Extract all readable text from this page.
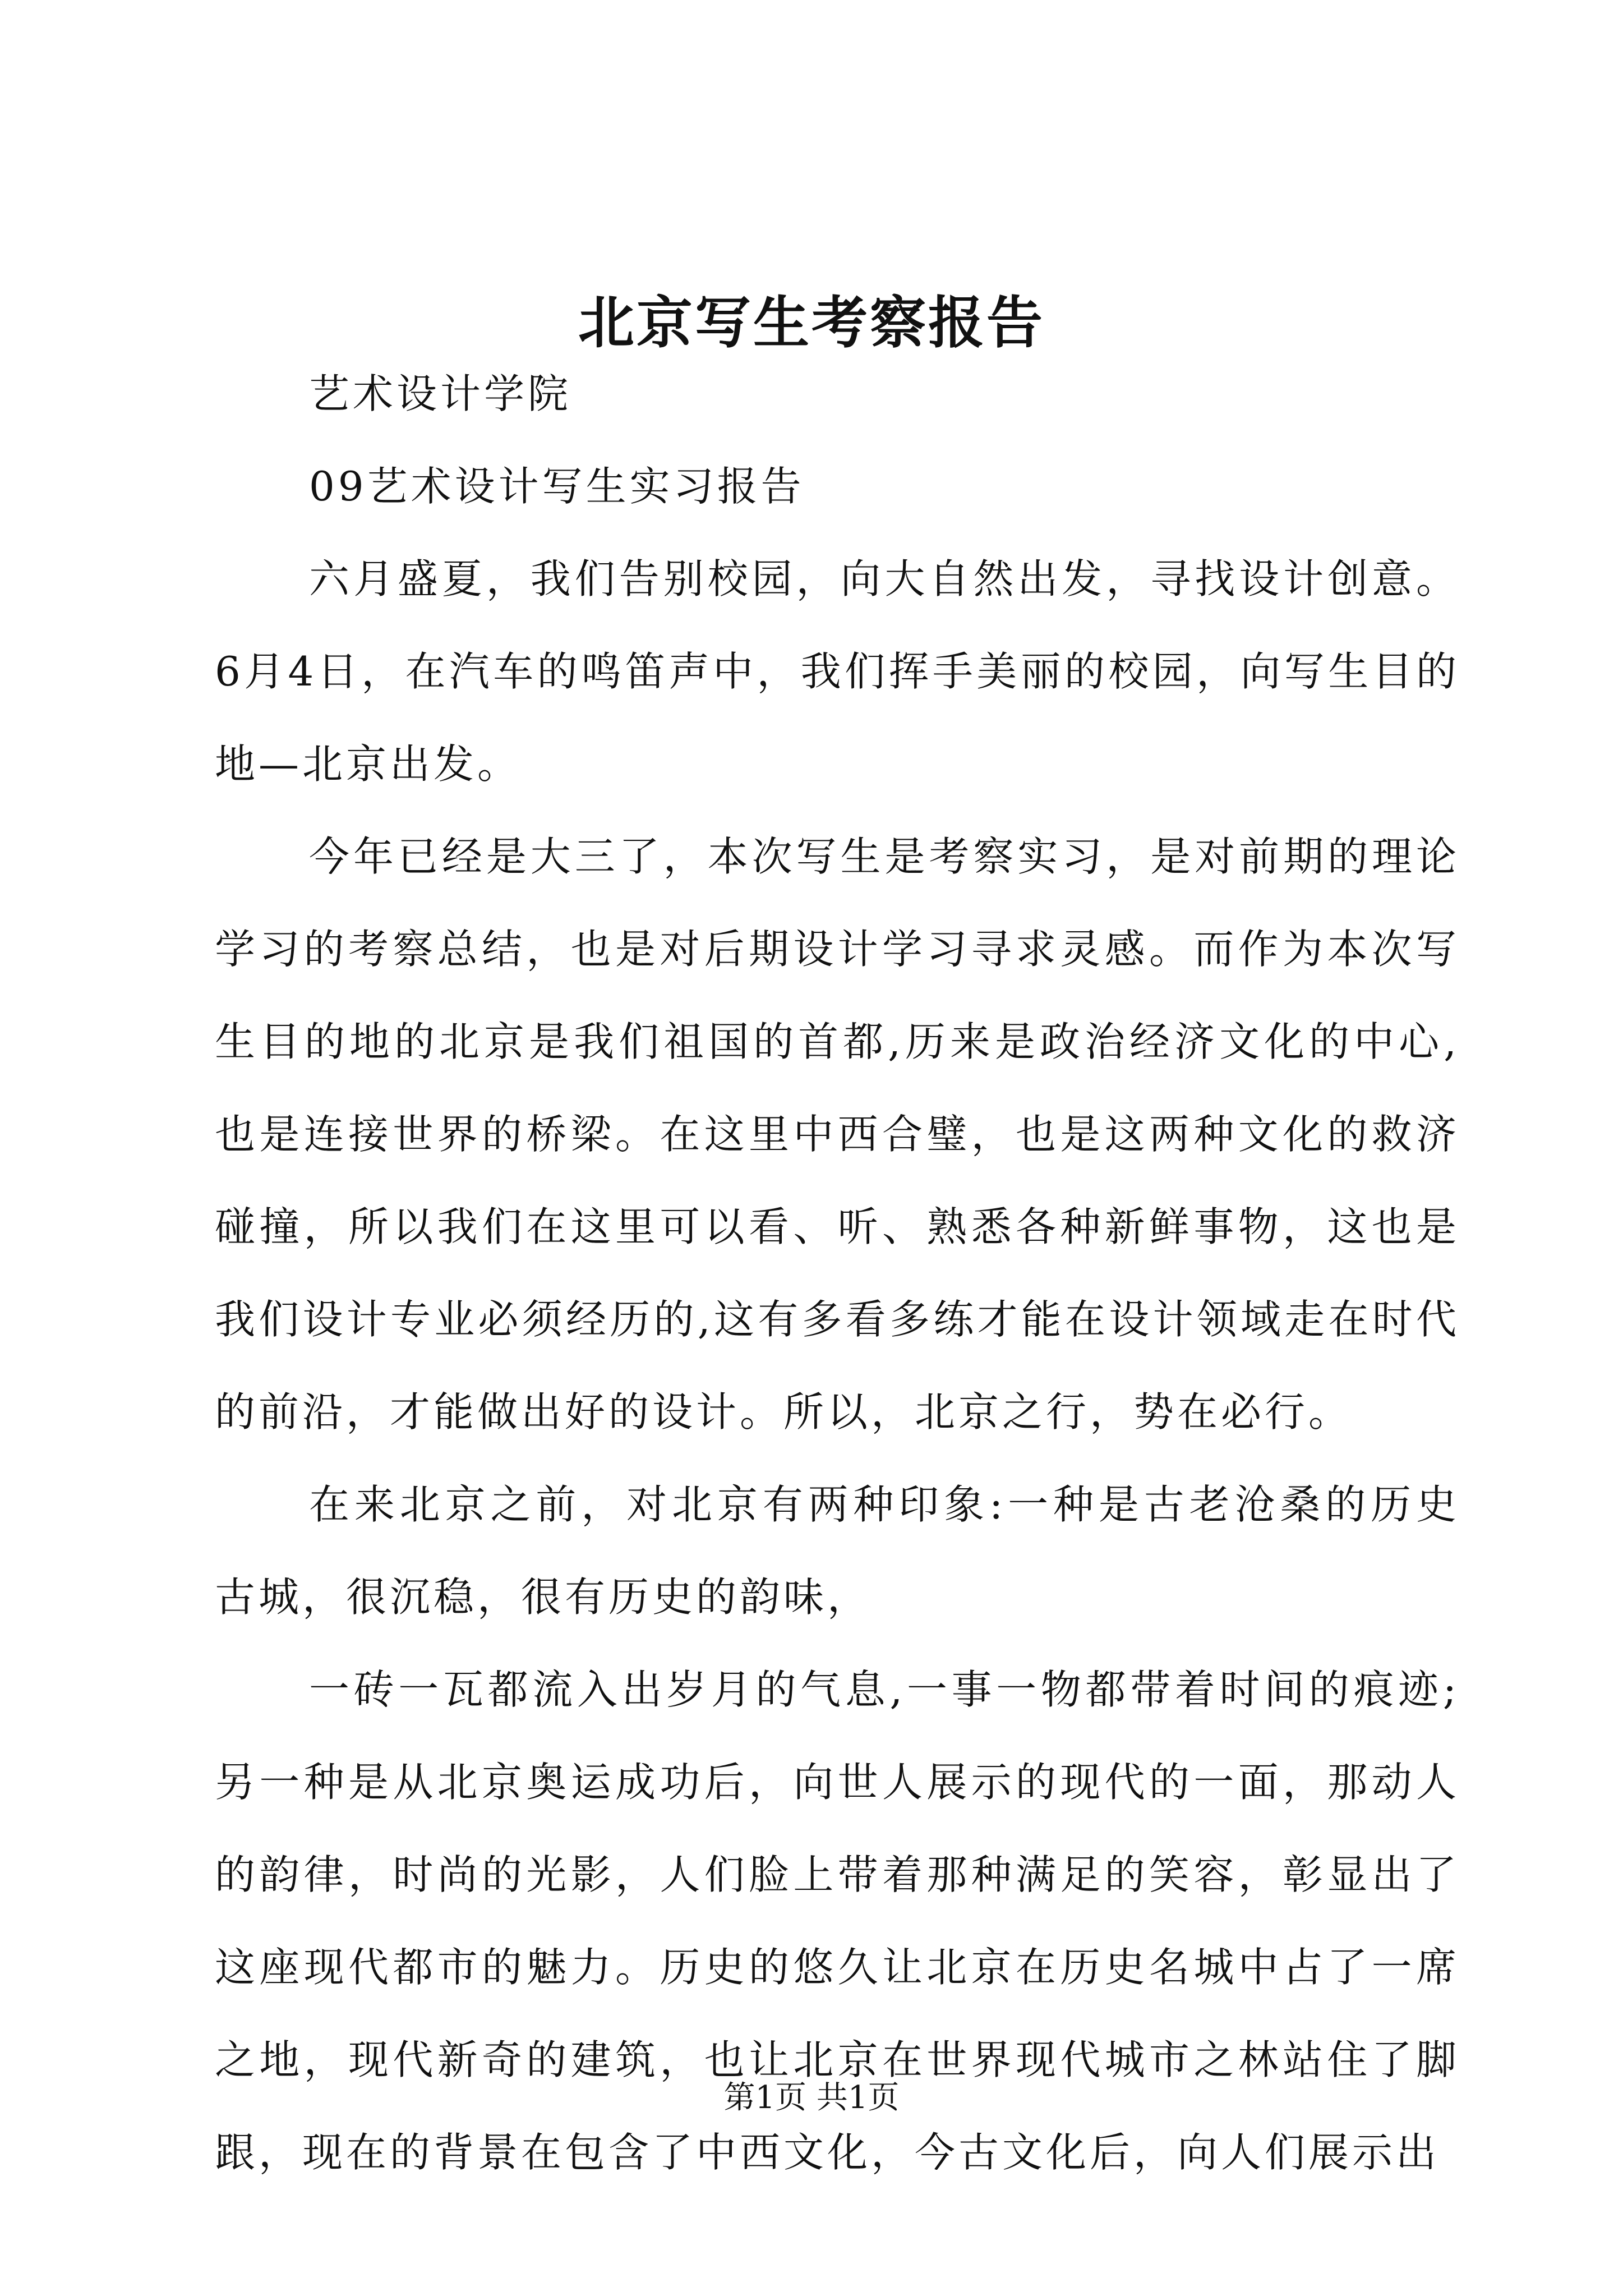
北京写生考察报告

艺术设计学院

09艺术设计写生实习报告

六月盛夏，我们告别校园，向大自然出发，寻找设计创意。6月4日，在汽车的鸣笛声中，我们挥手美丽的校园，向写生目的地—北京出发。

今年已经是大三了，本次写生是考察实习，是对前期的理论学习的考察总结，也是对后期设计学习寻求灵感。而作为本次写生目的地的北京是我们祖国的首都,历来是政治经济文化的中心,也是连接世界的桥梁。在这里中西合璧，也是这两种文化的救济碰撞，所以我们在这里可以看、听、熟悉各种新鲜事物，这也是我们设计专业必须经历的,这有多看多练才能在设计领域走在时代的前沿，才能做出好的设计。所以，北京之行，势在必行。

在来北京之前，对北京有两种印象:一种是古老沧桑的历史古城，很沉稳，很有历史的韵味，

一砖一瓦都流入出岁月的气息,一事一物都带着时间的痕迹;另一种是从北京奥运成功后，向世人展示的现代的一面，那动人的韵律，时尚的光影，人们脸上带着那种满足的笑容，彰显出了这座现代都市的魅力。历史的悠久让北京在历史名城中占了一席之地，现代新奇的建筑，也让北京在世界现代城市之林站住了脚跟，现在的背景在包含了中西文化，今古文化后，向人们展示出

第1页 共1页
